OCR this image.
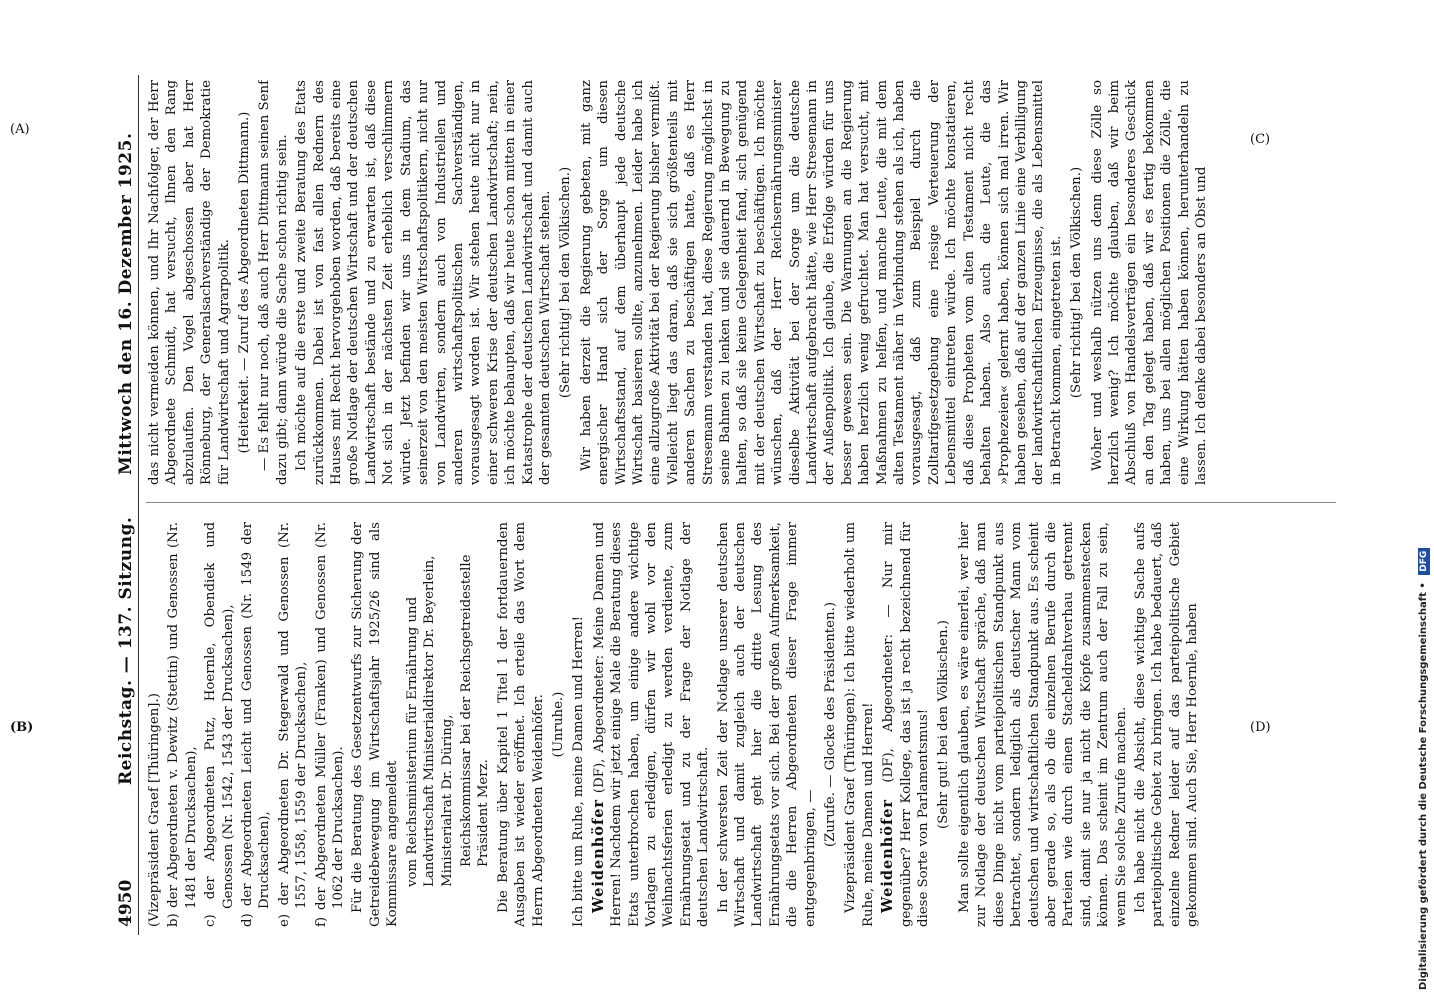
4950
Reichstag. — 137. Sitzung.
Mittwoch den 16. Dezember 1925.

(Vizepräsident Graef [Thüringen].) b) der Abgeordneten v. Dewitz (Stettin) und Genossen (Nr. 1481 der Drucksachen), c) der Abgeordneten Putz, Hoernle, Obendiek und Genossen (Nr. 1542, 1543 der Drucksachen), d) der Abgeordneten Leicht und Genossen (Nr. 1549 der Drucksachen), e) der Abgeordneten Dr. Stegerwald und Genossen (Nr. 1557, 1558, 1559 der Drucksachen), f) der Abgeordneten Müller (Franken) und Genossen (Nr. 1062 der Drucksachen). Für die Beratung des Gesetzentwurfs zur Sicherung der Getreidebewegung im Wirtschaftsjahr 1925/26 sind als Kommissare angemeldet vom Reichsministerium für Ernährung und Landwirtschaft Ministerialdirektor Dr. Beyerlein, Ministerialrat Dr. Düring, Reichskommissar bei der Reichsgetreidestelle Präsident Merz. Die Beratung über Kapitel 1 Titel 1 der fortdauernden Ausgaben ist wieder eröffnet. Ich erteile das Wort dem Herrn Abgeordneten Weidenhöfer. (Unruhe.) Ich bitte um Ruhe, meine Damen und Herren! Weidenhöfer (DF), Abgeordneter: Meine Damen und Herren! Nachdem wir jetzt einige Male die Beratung dieses Etats unterbrochen haben, um einige andere wichtige Vorlagen zu erledigen, dürfen wir wohl vor den Weihnachtsferien erledigt zu werden verdiente, zum Ernährungsetat und zu der Frage der Notlage der deutschen Landwirtschaft. In der schwersten Zeit der Notlage unserer deutschen Wirtschaft und damit zugleich auch der deutschen Landwirtschaft geht hier die dritte Lesung des Ernährungsetats vor sich. Bei der großen Aufmerksamkeit, die die Herren Abgeordneten dieser Frage immer entgegenbringen, —

(Zurufe. — Glocke des Präsidenten.) Vizepräsident Graef (Thüringen): Ich bitte wiederholt um Ruhe, meine Damen und Herren! Weidenhöfer (DF), Abgeordneter: — Nur mir gegenüber? Herr Kollege, das ist ja recht bezeichnend für diese Sorte von Parlamentsmus! (Sehr gut! bei den Völkischen.) Man sollte eigentlich glauben, es wäre einerlei, wer hier zur Notlage der deutschen Wirtschaft spräche, daß man diese Dinge nicht vom parteipolitischen Standpunkt aus betrachtet, sondern lediglich als deutscher Mann vom deutschen und wirtschaftlichen Standpunkt aus. Es scheint aber gerade so, als ob die einzelnen Berufe durch die Parteien wie durch einen Stacheldrahtverhau getrennt sind, damit sie nur ja nicht die Köpfe zusammenstecken können. Das scheint im Zentrum auch der Fall zu sein, wenn Sie solche Zurufe machen. Ich habe nicht die Absicht, diese wichtige Sache aufs parteipolitische Gebiet zu bringen. Ich habe bedauert, daß einzelne Redner leider auf das parteipolitische Gebiet gekommen sind. Auch Sie, Herr Hoernle, haben

das nicht vermeiden können, und Ihr Nachfolger, der Herr Abgeordnete Schmidt, hat versucht, Ihnen den Rang abzulaufen. Den Vogel abgeschossen aber hat Herr Rönneburg, der Generalsachverständige der Demokratie für Landwirtschaft und Agrarpolitik. (Heiterkeit. — Zuruf des Abgeordneten Dittmann.) — Es fehlt nur noch, daß auch Herr Dittmann seinen Senf dazu gibt; dann würde die Sache schon richtig sein. Ich möchte auf die erste und zweite Beratung des Etats zurückkommen. Dabei ist von fast allen Rednern des Hauses mit Recht hervorgehoben worden, daß bereits eine große Notlage der deutschen Wirtschaft und der deutschen Landwirtschaft bestände und zu erwarten ist, daß diese Not sich in der nächsten Zeit erheblich verschlimmern würde. Jetzt befinden wir uns in dem Stadium, das seinerzeit von den meisten Wirtschaftspolitikern, nicht nur von Landwirten, sondern auch von Industriellen und anderen wirtschaftspolitischen Sachverständigen, vorausgesagt worden ist. Wir stehen heute nicht nur in einer schweren Krise der deutschen Landwirtschaft; nein, ich möchte behaupten, daß wir heute schon mitten in einer Katastrophe der deutschen Landwirtschaft und damit auch der gesamten deutschen Wirtschaft stehen. (Sehr richtig! bei den Völkischen.) Wir haben derzeit die Regierung gebeten, mit ganz energischer Hand sich der Sorge um diesen Wirtschaftsstand, auf dem überhaupt jede deutsche Wirtschaft basieren sollte, anzunehmen. Leider habe ich eine allzugroße Aktivität bei der Regierung bisher vermißt. Vielleicht liegt das daran, daß sie sich größtenteils mit anderen Sachen zu beschäftigen hatte, daß es Herr Stresemann verstanden hat, diese Regierung möglichst in seine Bahnen zu lenken und sie dauernd in Bewegung zu halten, so daß sie keine Gelegenheit fand, sich genügend mit der deutschen Wirtschaft zu beschäftigen. Ich möchte wünschen, daß der Herr Reichsernährungsminister dieselbe Aktivität bei der Sorge um die deutsche Landwirtschaft aufgebracht hätte, wie Herr Stresemann in der Außenpolitik. Ich glaube, die Erfolge würden für uns besser gewesen sein. Die Warnungen an die Regierung haben herzlich wenig gefruchtet. Man hat versucht, mit Maßnahmen zu helfen, und manche Leute, die mit dem alten Testament näher in Verbindung stehen als ich, haben vorausgesagt, daß zum Beispiel durch die Zolltarifgesetzgebung eine riesige Verteuerung der Lebensmittel eintreten würde. Ich möchte konstatieren, daß diese Propheten vom alten Testament nicht recht behalten haben. Also auch die Leute, die das »Prophezeien« gelernt haben, können sich mal irren. Wir haben gesehen, daß auf der ganzen Linie eine Verbilligung der landwirtschaftlichen Erzeugnisse, die als Lebensmittel in Betracht kommen, eingetreten ist. (Sehr richtig! bei den Völkischen.) Woher und weshalb nützen uns denn diese Zölle so herzlich wenig? Ich möchte glauben, daß wir beim Abschluß von Handelsverträgen ein besonderes Geschick an den Tag gelegt haben, daß wir es fertig bekommen haben, uns bei allen möglichen Positionen die Zölle, die eine Wirkung hätten haben können, herunterhandeln zu lassen. Ich denke dabei besonders an Obst und

(A)
(B)
(C)
(D)	Digitalisierung gefördert durch die Deutsche Forschungsgemeinschaft • DFG
